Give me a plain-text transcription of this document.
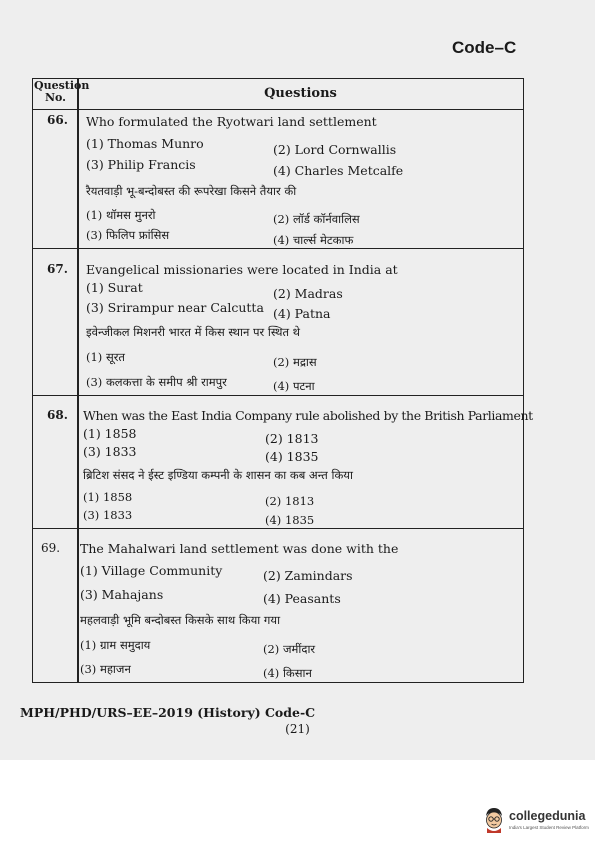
Code–C
Question No.	Questions
66. Who formulated the Ryotwari land settlement
(1) Thomas Munro	(2) Lord Cornwallis
(3) Philip Francis	(4) Charles Metcalfe
रैयतवाड़ी भू-बन्दोबस्त की रूपरेखा किसने तैयार की
(1) थॉमस मुनरो	(2) लॉर्ड कॉर्नवालिस
(3) फिलिप फ्रांसिस	(4) चार्ल्स मेटकाफ
67. Evangelical missionaries were located in India at
(1) Surat	(2) Madras
(3) Srirampur near Calcutta (4) Patna
इवेन्जीकल मिशनरी भारत में किस स्थान पर स्थित थे
(1) सूरत	(2) मद्रास
(3) कलकत्ता के समीप श्री रामपुर	(4) पटना
68. When was the East India Company rule abolished by the British Parliament
(1) 1858	(2) 1813
(3) 1833	(4) 1835
ब्रिटिश संसद ने ईस्ट इण्डिया कम्पनी के शासन का कब अन्त किया
(1) 1858	(2) 1813
(3) 1833	(4) 1835
69. The Mahalwari land settlement was done with the
(1) Village Community	(2) Zamindars
(3) Mahajans	(4) Peasants
महलवाड़ी भूमि बन्दोबस्त किसके साथ किया गया
(1) ग्राम समुदाय	(2) जमींदार
(3) महाजन	(4) किसान
MPH/PHD/URS–EE–2019 (History) Code-C
(21)
collegedunia
India's Largest Student Review Platform
